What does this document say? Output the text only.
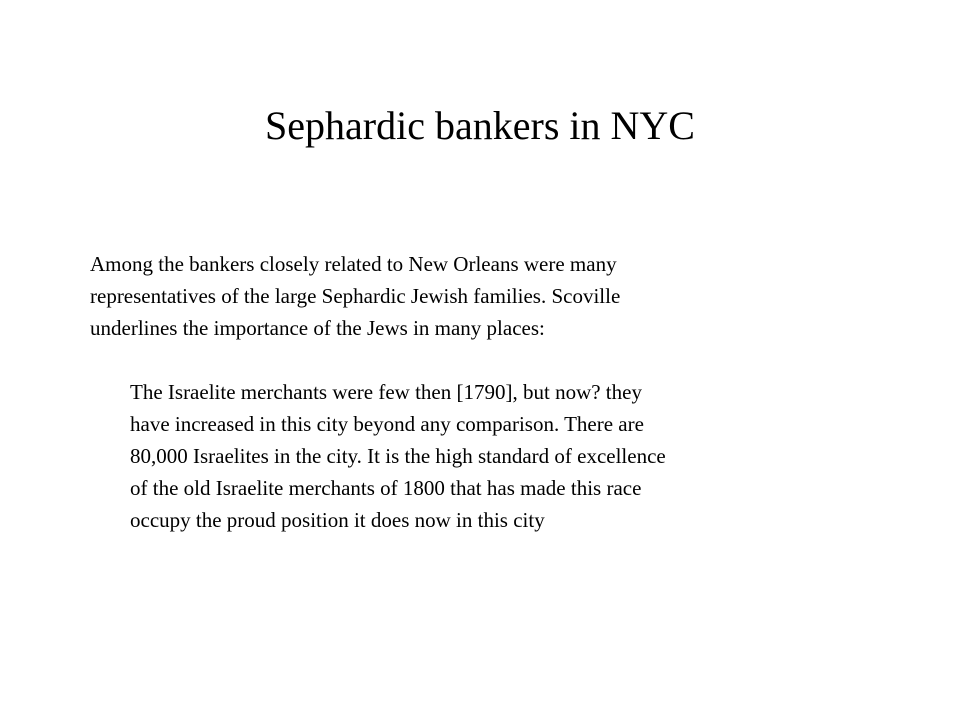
Sephardic bankers in NYC
Among the bankers closely related to New Orleans were many
representatives of the large Sephardic Jewish families. Scoville
underlines the importance of the Jews in many places:
The Israelite merchants were few then [1790], but now? they
have increased in this city beyond any comparison. There are
80,000 Israelites in the city. It is the high standard of excellence
of the old Israelite merchants of 1800 that has made this race
occupy the proud position it does now in this city
